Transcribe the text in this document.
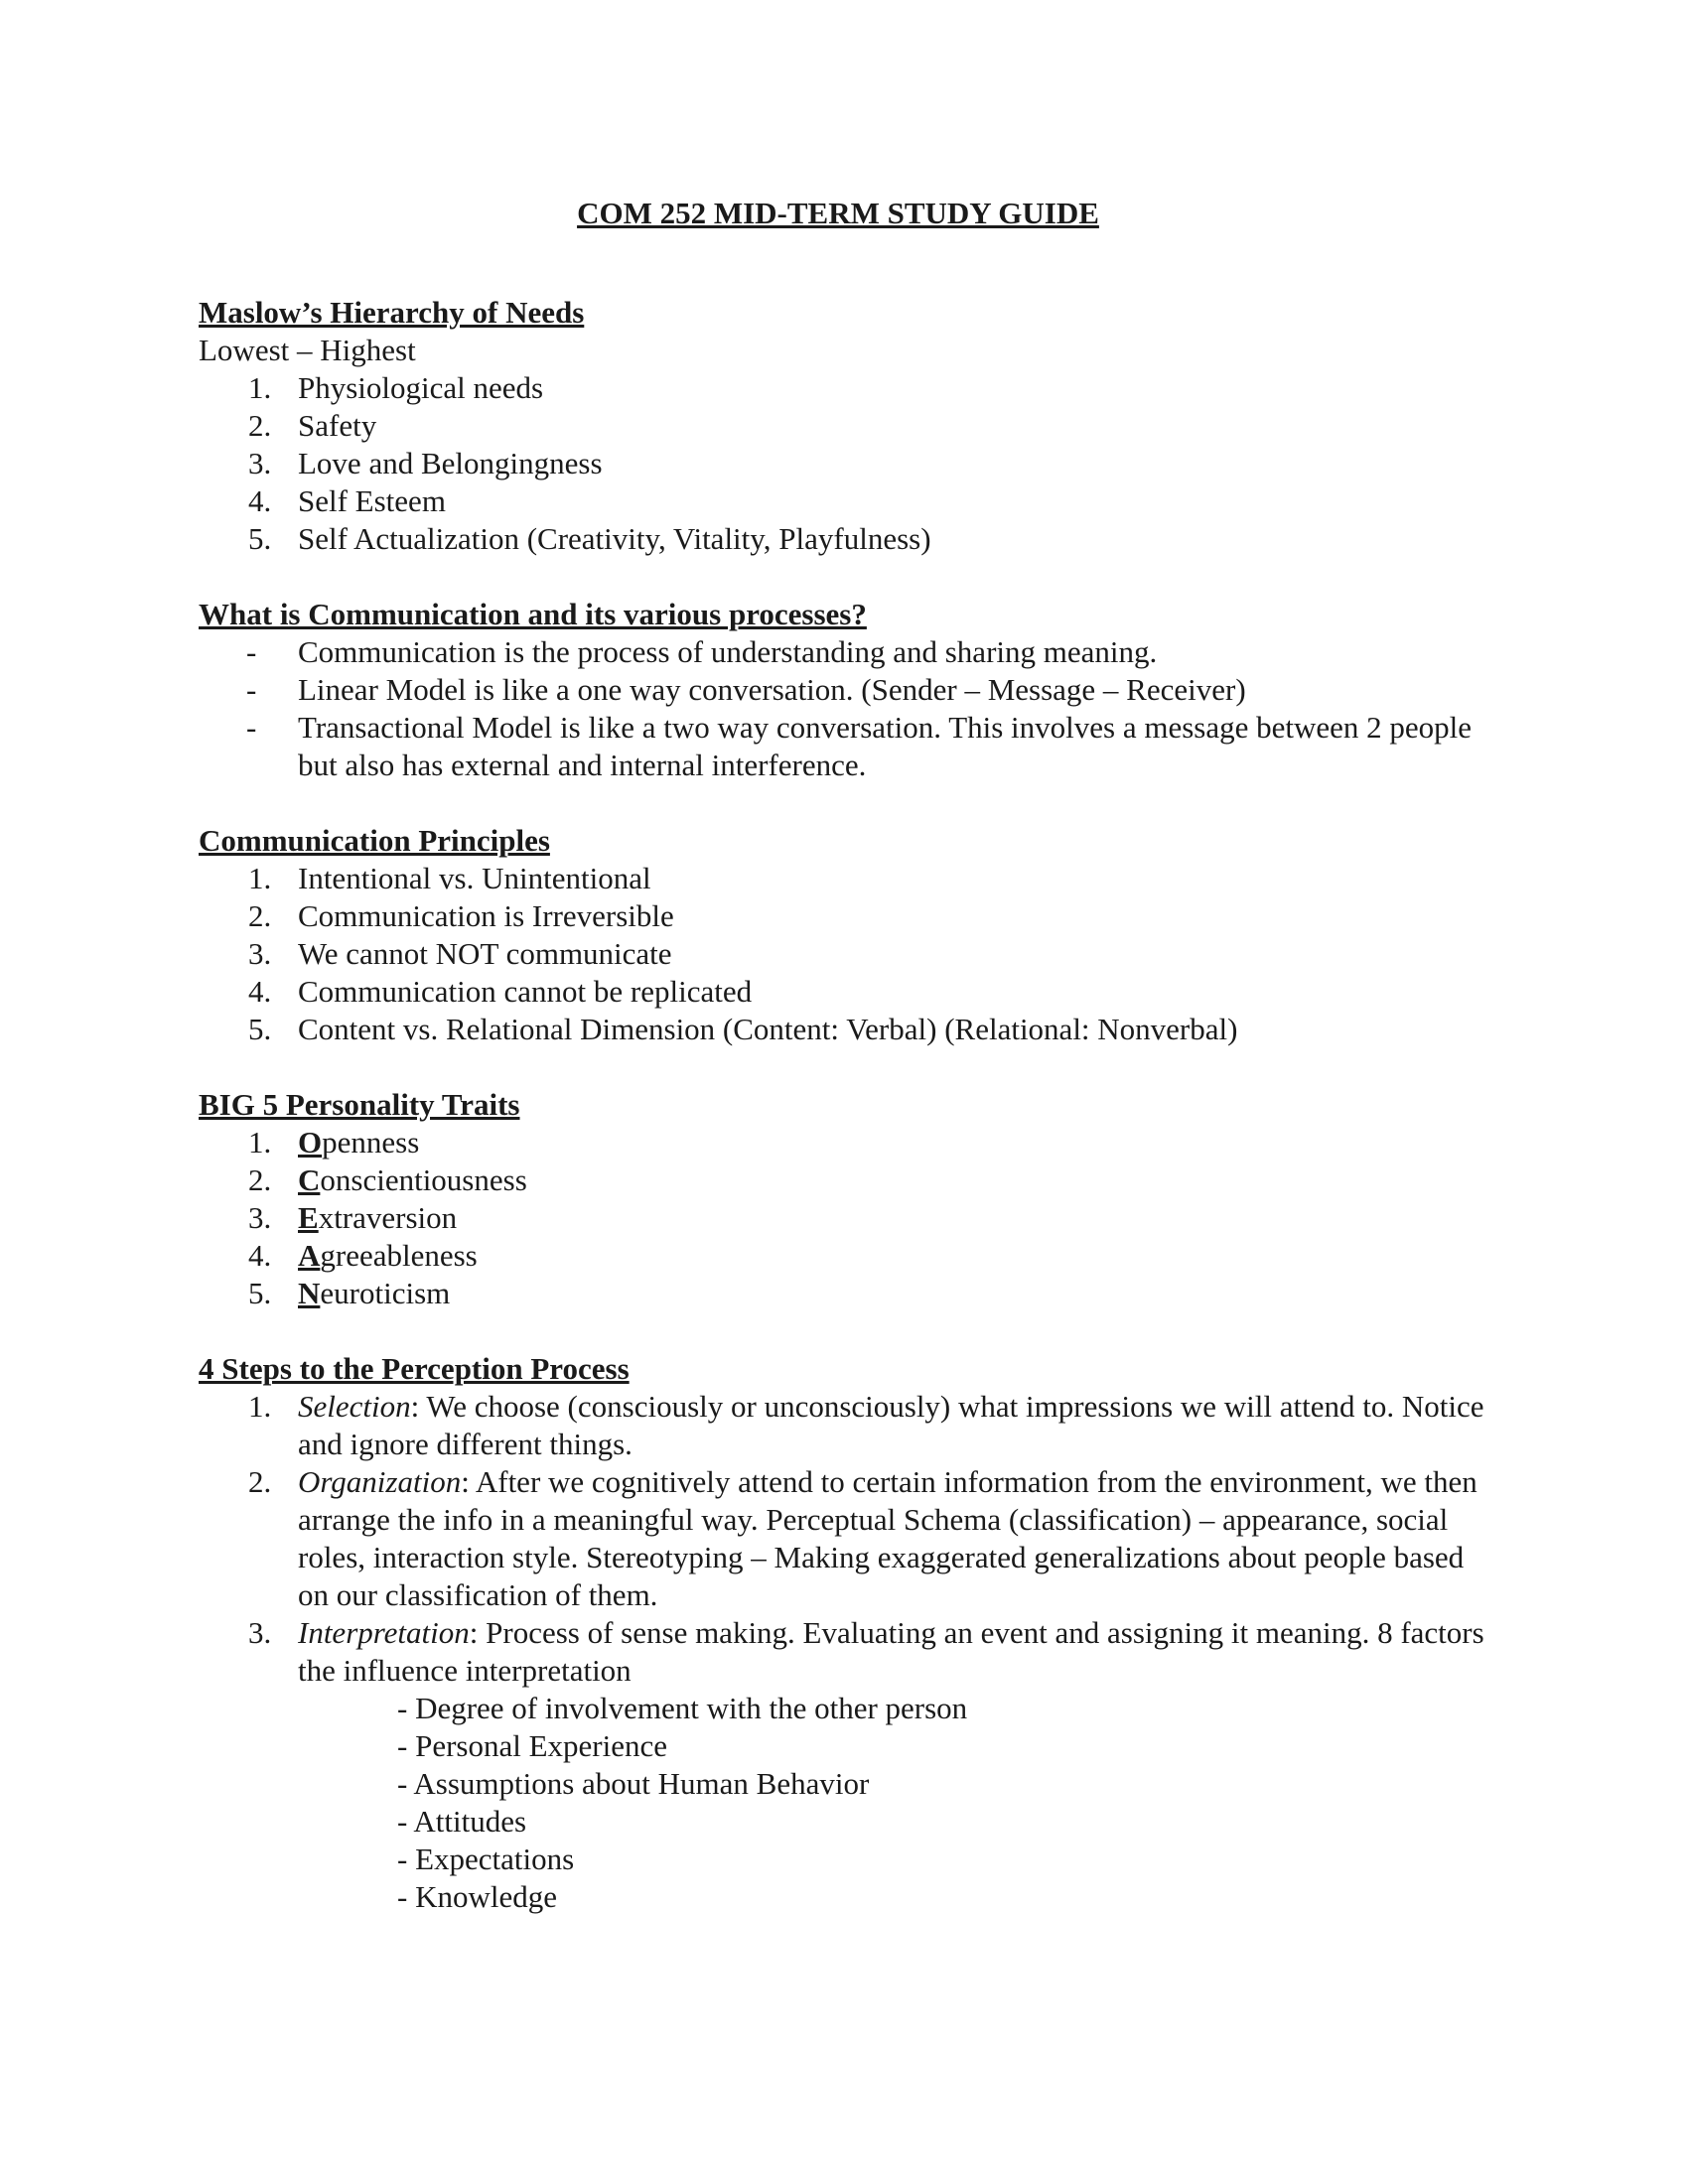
COM 252 MID-TERM STUDY GUIDE
Maslow’s Hierarchy of Needs
Lowest – Highest
1. Physiological needs
2. Safety
3. Love and Belongingness
4. Self Esteem
5. Self Actualization (Creativity, Vitality, Playfulness)
What is Communication and its various processes?
- Communication is the process of understanding and sharing meaning.
- Linear Model is like a one way conversation. (Sender – Message – Receiver)
- Transactional Model is like a two way conversation. This involves a message between 2 people but also has external and internal interference.
Communication Principles
1. Intentional vs. Unintentional
2. Communication is Irreversible
3. We cannot NOT communicate
4. Communication cannot be replicated
5. Content vs. Relational Dimension (Content: Verbal) (Relational: Nonverbal)
BIG 5 Personality Traits
1. Openness
2. Conscientiousness
3. Extraversion
4. Agreeableness
5. Neuroticism
4 Steps to the Perception Process
1. Selection: We choose (consciously or unconsciously) what impressions we will attend to. Notice and ignore different things.
2. Organization: After we cognitively attend to certain information from the environment, we then arrange the info in a meaningful way. Perceptual Schema (classification) – appearance, social roles, interaction style. Stereotyping – Making exaggerated generalizations about people based on our classification of them.
3. Interpretation: Process of sense making. Evaluating an event and assigning it meaning. 8 factors the influence interpretation
- Degree of involvement with the other person
- Personal Experience
- Assumptions about Human Behavior
- Attitudes
- Expectations
- Knowledge
